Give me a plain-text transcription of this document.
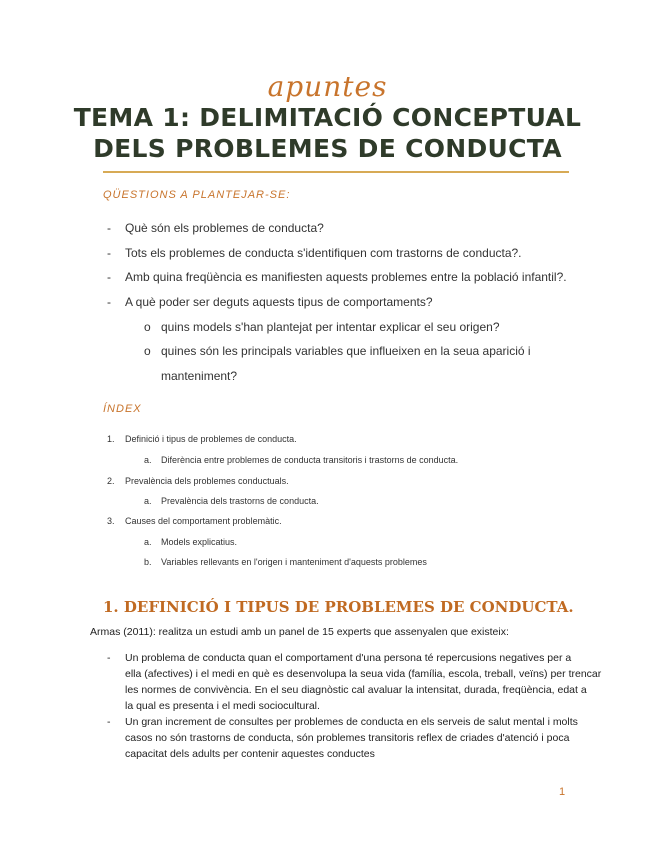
apuntes
TEMA 1: DELIMITACIÓ CONCEPTUAL
DELS PROBLEMES DE CONDUCTA
QÜESTIONS A PLANTEJAR-SE:
- Què són els problemes de conducta?
- Tots els problemes de conducta s'identifiquen com trastorns de conducta?.
- Amb quina freqüència es manifiesten aquests problemes entre la població infantil?.
- A què poder ser deguts aquests tipus de comportaments?
o quins models s'han plantejat per intentar explicar el seu origen?
o quines són les principals variables que influeixen en la seua aparició i
manteniment?
ÍNDEX
1. Definició i tipus de problemes de conducta.
a. Diferència entre problemes de conducta transitoris i trastorns de conducta.
2. Prevalència dels problemes conductuals.
a. Prevalència dels trastorns de conducta.
3. Causes del comportament problemàtic.
a. Models explicatius.
b. Variables rellevants en l'origen i manteniment d'aquests problemes
1. DEFINICIÓ I TIPUS DE PROBLEMES DE CONDUCTA.
Armas (2011): realitza un estudi amb un panel de 15 experts que assenyalen que existeix:
- Un problema de conducta quan el comportament d'una persona té repercusions negatives per a
ella (afectives) i el medi en què es desenvolupa la seua vida (família, escola, treball, veïns) per trencar
les normes de convivència. En el seu diagnòstic cal avaluar la intensitat, durada, freqüència, edat a
la qual es presenta i el medi sociocultural.
- Un gran increment de consultes per problemes de conducta en els serveis de salut mental i molts
casos no són trastorns de conducta, són problemes transitoris reflex de criades d'atenció i poca
capacitat dels adults per contenir aquestes conductes
1
